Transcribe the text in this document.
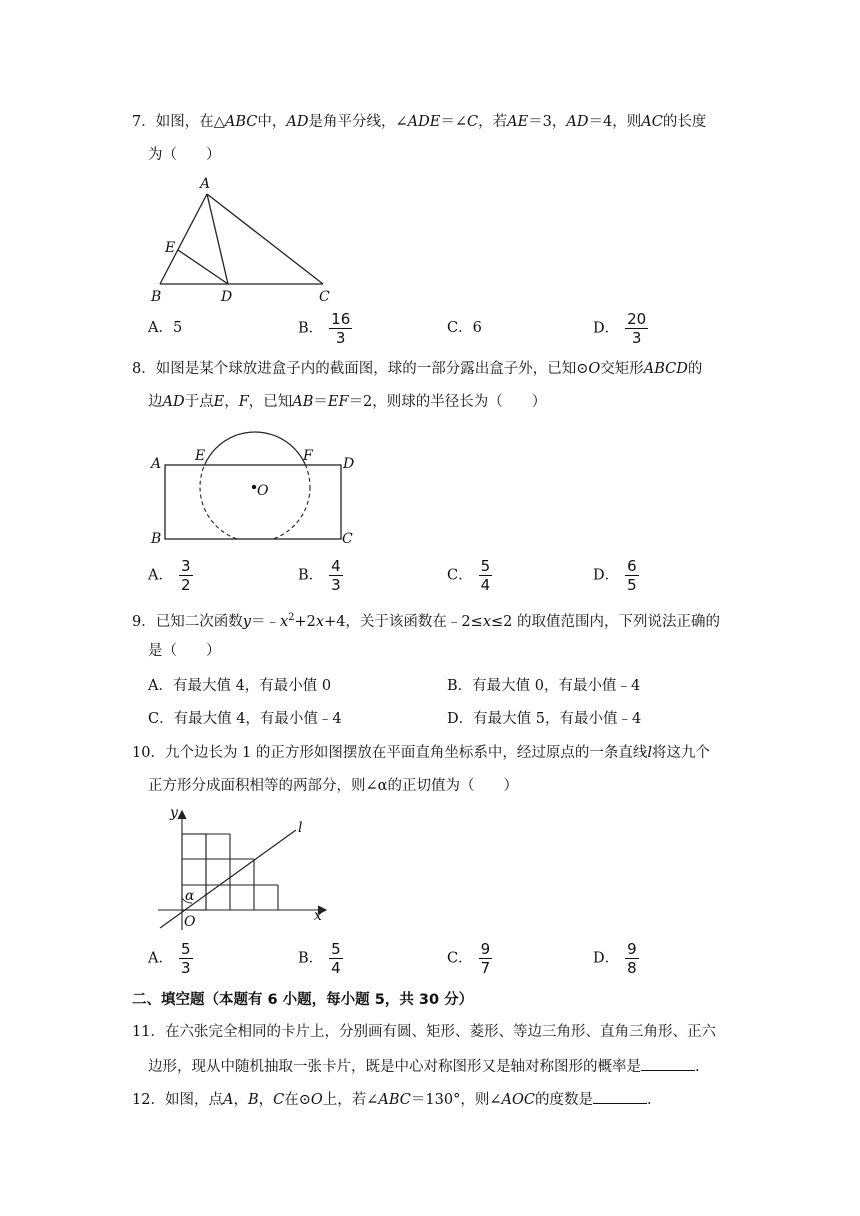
7．如图，在△ABC中，AD是角平分线，∠ADE＝∠C，若AE＝3，AD＝4，则AC的长度
为（　　）
A
E
B	D	C
A．5	B． $\frac{16}{3}$	C．6	D． $\frac{20}{3}$
8．如图是某个球放进盒子内的截面图，球的一部分露出盒子外，已知⊙O交矩形ABCD的
边AD于点E，F，已知AB＝EF＝2，则球的半径长为（　　）
A E	F D
O
B	C
A． $\frac{3}{2}$	B． $\frac{4}{3}$	C． $\frac{5}{4}$	D． $\frac{6}{5}$
9．已知二次函数$y=﹣x^2+2x+4$，关于该函数在﹣2≤x≤2 的取值范围内，下列说法正确的
是（　　）
A．有最大值 4，有最小值 0	B．有最大值 0，有最小值﹣4
C．有最大值 4，有最小值﹣4	D．有最大值 5，有最小值﹣4
10．九个边长为 1 的正方形如图摆放在平面直角坐标系中，经过原点的一条直线l将这九个
正方形分成面积相等的两部分，则∠α的正切值为（　　）
y
x
O
l
α
A． $\frac{5}{3}$	B． $\frac{5}{4}$	C． $\frac{9}{7}$	D． $\frac{9}{8}$
二、填空题（本题有 6 小题，每小题 5，共 30 分）
11．在六张完全相同的卡片上，分别画有圆、矩形、菱形、等边三角形、直角三角形、正六
边形，现从中随机抽取一张卡片，既是中心对称图形又是轴对称图形的概率是	.
12．如图，点A，B，C在⊙O上，若∠ABC＝130°，则∠AOC的度数是	.
